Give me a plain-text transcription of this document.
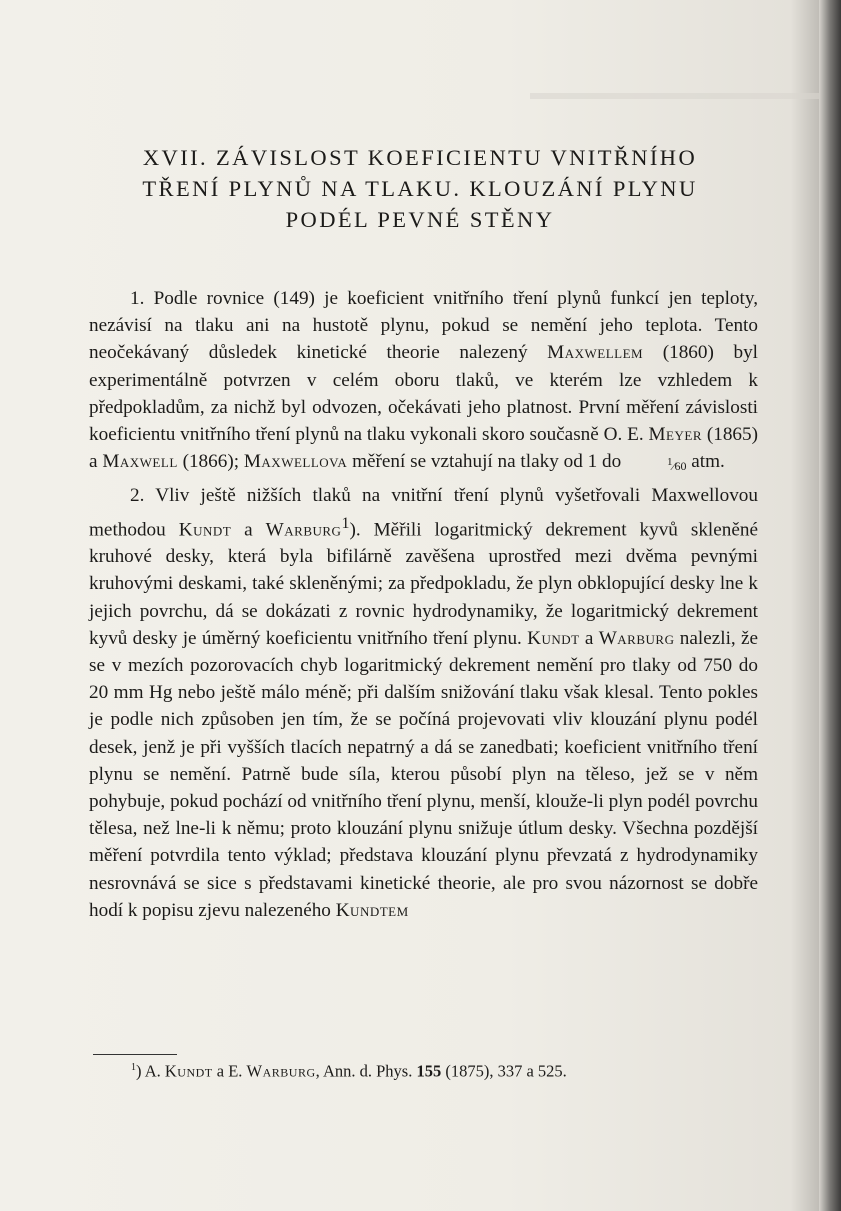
XVII. ZÁVISLOST KOEFICIENTU VNITŘNÍHO
TŘENÍ PLYNŮ NA TLAKU. KLOUZÁNÍ PLYNU
PODÉL PEVNÉ STĚNY

1. Podle rovnice (149) je koeficient vnitřního tření plynů funkcí jen teploty, nezávisí na tlaku ani na hustotě plynu, pokud se nemění jeho teplota. Tento neočekávaný důsledek kinetické theorie nalezený Maxwellem (1860) byl experimentálně potvrzen v celém oboru tlaků, ve kterém lze vzhledem k předpokladům, za nichž byl odvozen, očekávati jeho platnost. První měření závislosti koeficientu vnitřního tření plynů na tlaku vykonali skoro současně O. E. Meyer (1865) a Maxwell (1866); Maxwellova měření se vztahují na tlaky od 1 do	$^1$⁄60 atm.

2. Vliv ještě nižších tlaků na vnitřní tření plynů vyšetřovali Maxwellovou methodou Kundt a Warburg$^1$). Měřili logaritmický dekrement kyvů skleněné kruhové desky, která byla bifilárně zavěšena uprostřed mezi dvěma pevnými kruhovými deskami, také skleněnými; za předpokladu, že plyn obklopující desky lne k jejich povrchu, dá se dokázati z rovnic hydrodynamiky, že logaritmický dekrement kyvů desky je úměrný koeficientu vnitřního tření plynu. Kundt a Warburg nalezli, že se v mezích pozorovacích chyb logaritmický dekrement nemění pro tlaky od 750 do 20 mm Hg nebo ještě málo méně; při dalším snižování tlaku však klesal. Tento pokles je podle nich způsoben jen tím, že se počíná projevovati vliv klouzání plynu podél desek, jenž je při vyšších tlacích nepatrný a dá se zanedbati; koeficient vnitřního tření plynu se nemění. Patrně bude síla, kterou působí plyn na těleso, jež se v něm pohybuje, pokud pochází od vnitřního tření plynu, menší, klouže-li plyn podél povrchu tělesa, než lne-li k němu; proto klouzání plynu snižuje útlum desky. Všechna pozdější měření potvrdila tento výklad; představa klouzání plynu převzatá z hydrodynamiky nesrovnává se sice s představami kinetické theorie, ale pro svou názornost se dobře hodí k popisu zjevu nalezeného Kundtem

$^1$) A. Kundt a E. Warburg, Ann. d. Phys. 155 (1875), 337 a 525.
